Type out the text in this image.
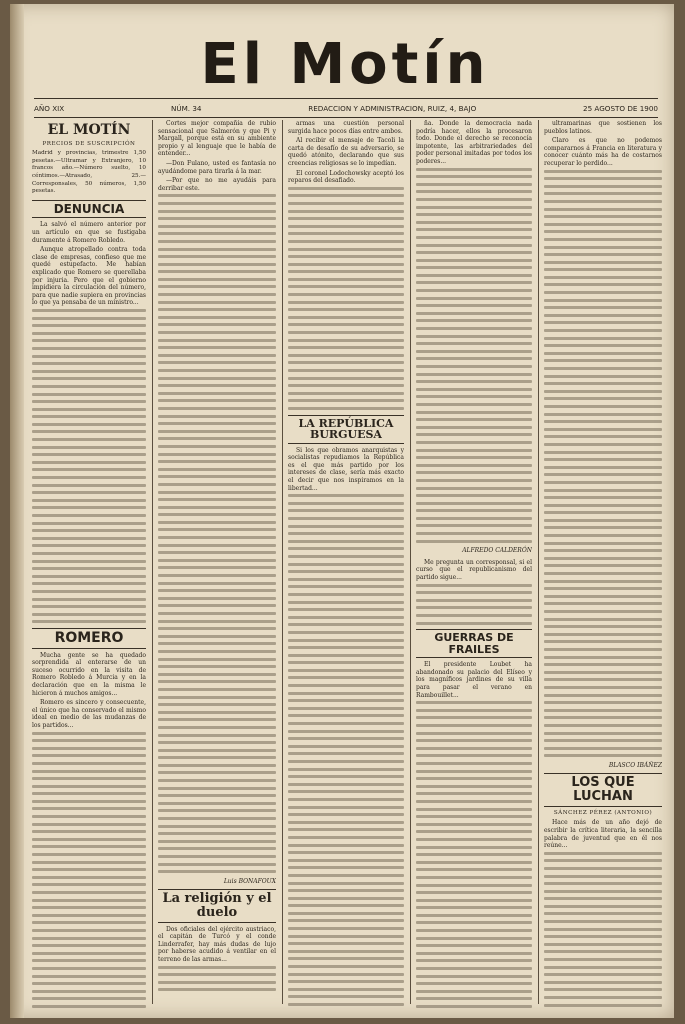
El Motín
AÑO XIX	NÚM. 34	REDACCION Y ADMINISTRACION, RUIZ, 4, BAJO	25 AGOSTO DE 1900
EL MOTÍN
PRECIOS DE SUSCRIPCIÓN
Madrid y provincias, trimestre 1,50 pesetas.—Ultramar y Extranjero, 10 francos año.—Número suelto, 10 céntimos.—Atrasado, 25.—Corresponsales, 50 números, 1,50 pesetas.
DENUNCIA

La salvó el número anterior por un artículo en que se fustigaba duramente á Romero Robledo.

Aunque atropellado contra toda clase de empresas, confieso que me quedé estupefacto. Me habían explicado que Romero se querellaba por injuria. Pero que el gobierno impidiera la circulación del número, para que nadie supiera en provincias lo que ya pensaba de un ministro...

ROMERO

Mucha gente se ha quedado sorprendida al enterarse de un suceso ocurrido en la visita de Romero Robledo á Murcia y en la declaración que en la misma le hicieron á muchos amigos...

Romero es sincero y consecuente, el único que ha conservado el mismo ideal en medio de las mudanzas de los partidos...

Cortes mejor compañía de rubio sensacional que Salmerón y que Pi y Margall, porque está en su ambiente propio y al lenguaje que le había de entender...

—Don Fulano, usted es fantasía no ayudándome para tirarla á la mar.

—Por que no me ayudáis para derribar este.

Luis BONAFOUX
La religión y el duelo

Dos oficiales del ejército austriaco, el capitán de Turcó y el conde Linderrafer, hay más dudas de lujo por haberse acudido á ventilar en el terreno de las armas...

armas una cuestión personal surgida hace pocos días entre ambos.

Al recibir el mensaje de Tacoli la carta de desafío de su adversario, se quedó atónito, declarando que sus creencias religiosas se lo impedían.

El coronel Lodochowsky aceptó los reparos del desafiado.

LA REPÚBLICA BURGUESA

Si los que obramos anarquistas y socialistas repudiamos la República es el que más partido por los intereses de clase, sería más exacto el decir que nos inspiramos en la libertad...

ña. Donde la democracia nada podría hacer, ellos la procesaron todo. Donde el derecho se reconocía impotente, las arbitrariedades del poder personal imitadas por todos los poderes...

ALFREDO CALDERÓN

Me pregunta un corresponsal, si el curso que el republicanismo del partido sigue...

GUERRAS DE FRAILES

El presidente Loubet ha abandonado su palacio del Elíseo y los magníficos jardines de su villa para pasar el verano en Rambouillet...

ultramarinas que sostienen los pueblos latinos.

Claro es que no podemos compararnos á Francia en literatura y conocer cuánto más ha de costarnos recuperar lo perdido...

BLASCO IBÁÑEZ
LOS QUE LUCHAN
SÁNCHEZ PÉREZ (ANTONIO)

Hace más de un año dejó de escribir la crítica literaria, la sencilla palabra de juventud que en él nos reúne...
